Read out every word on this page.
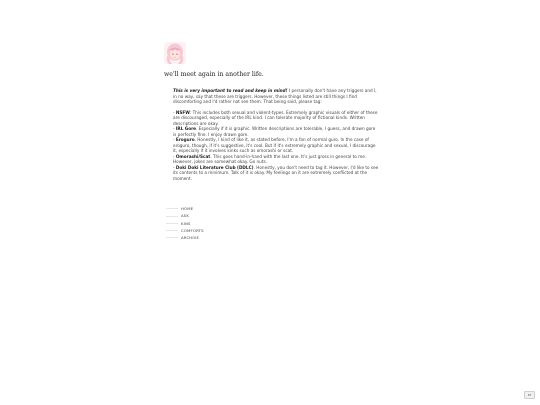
we'll meet again in another life.

This is very important to read and keep in mind! I personally don't have any triggers and I, in no way, say that these are triggers. However, these things listed are still things I find discomforting and I'd rather not see them. That being said, please tag:

- NSFW: This includes both sexual and violent-types. Extremely graphic visuals of either of these are discouraged, especially of the IRL kind. I can tolerate majority of fictional kinds. Written descriptions are okay.

- IRL Gore. Especially if it is graphic. Written descriptions are tolerable, I guess, and drawn gore is perfectly fine. I enjoy drawn gore.

- Eroguro. Honestly, I kind of like it, as stated before, I'm a fan of normal guro. In the case of eroguro, though, if it's suggestive, it's cool. But if it's extremely graphic and sexual, I discourage it, especially if it involves kinks such as omorashi or scat.

- Omorashi/Scat. This goes hand-in-hand with the last one. It's just gross in general to me. However, jokes are somewhat okay. Go nuts.

- Doki Doki Literature Club (DDLC). Honestly, you don't need to tag it. However, I'd like to see its contents to a minimum. Talk of it is okay. My feelings on it are extremely conflicted at the moment.

HOME
ASK
KINS
COMFORTS
ARCHIVE
KT
